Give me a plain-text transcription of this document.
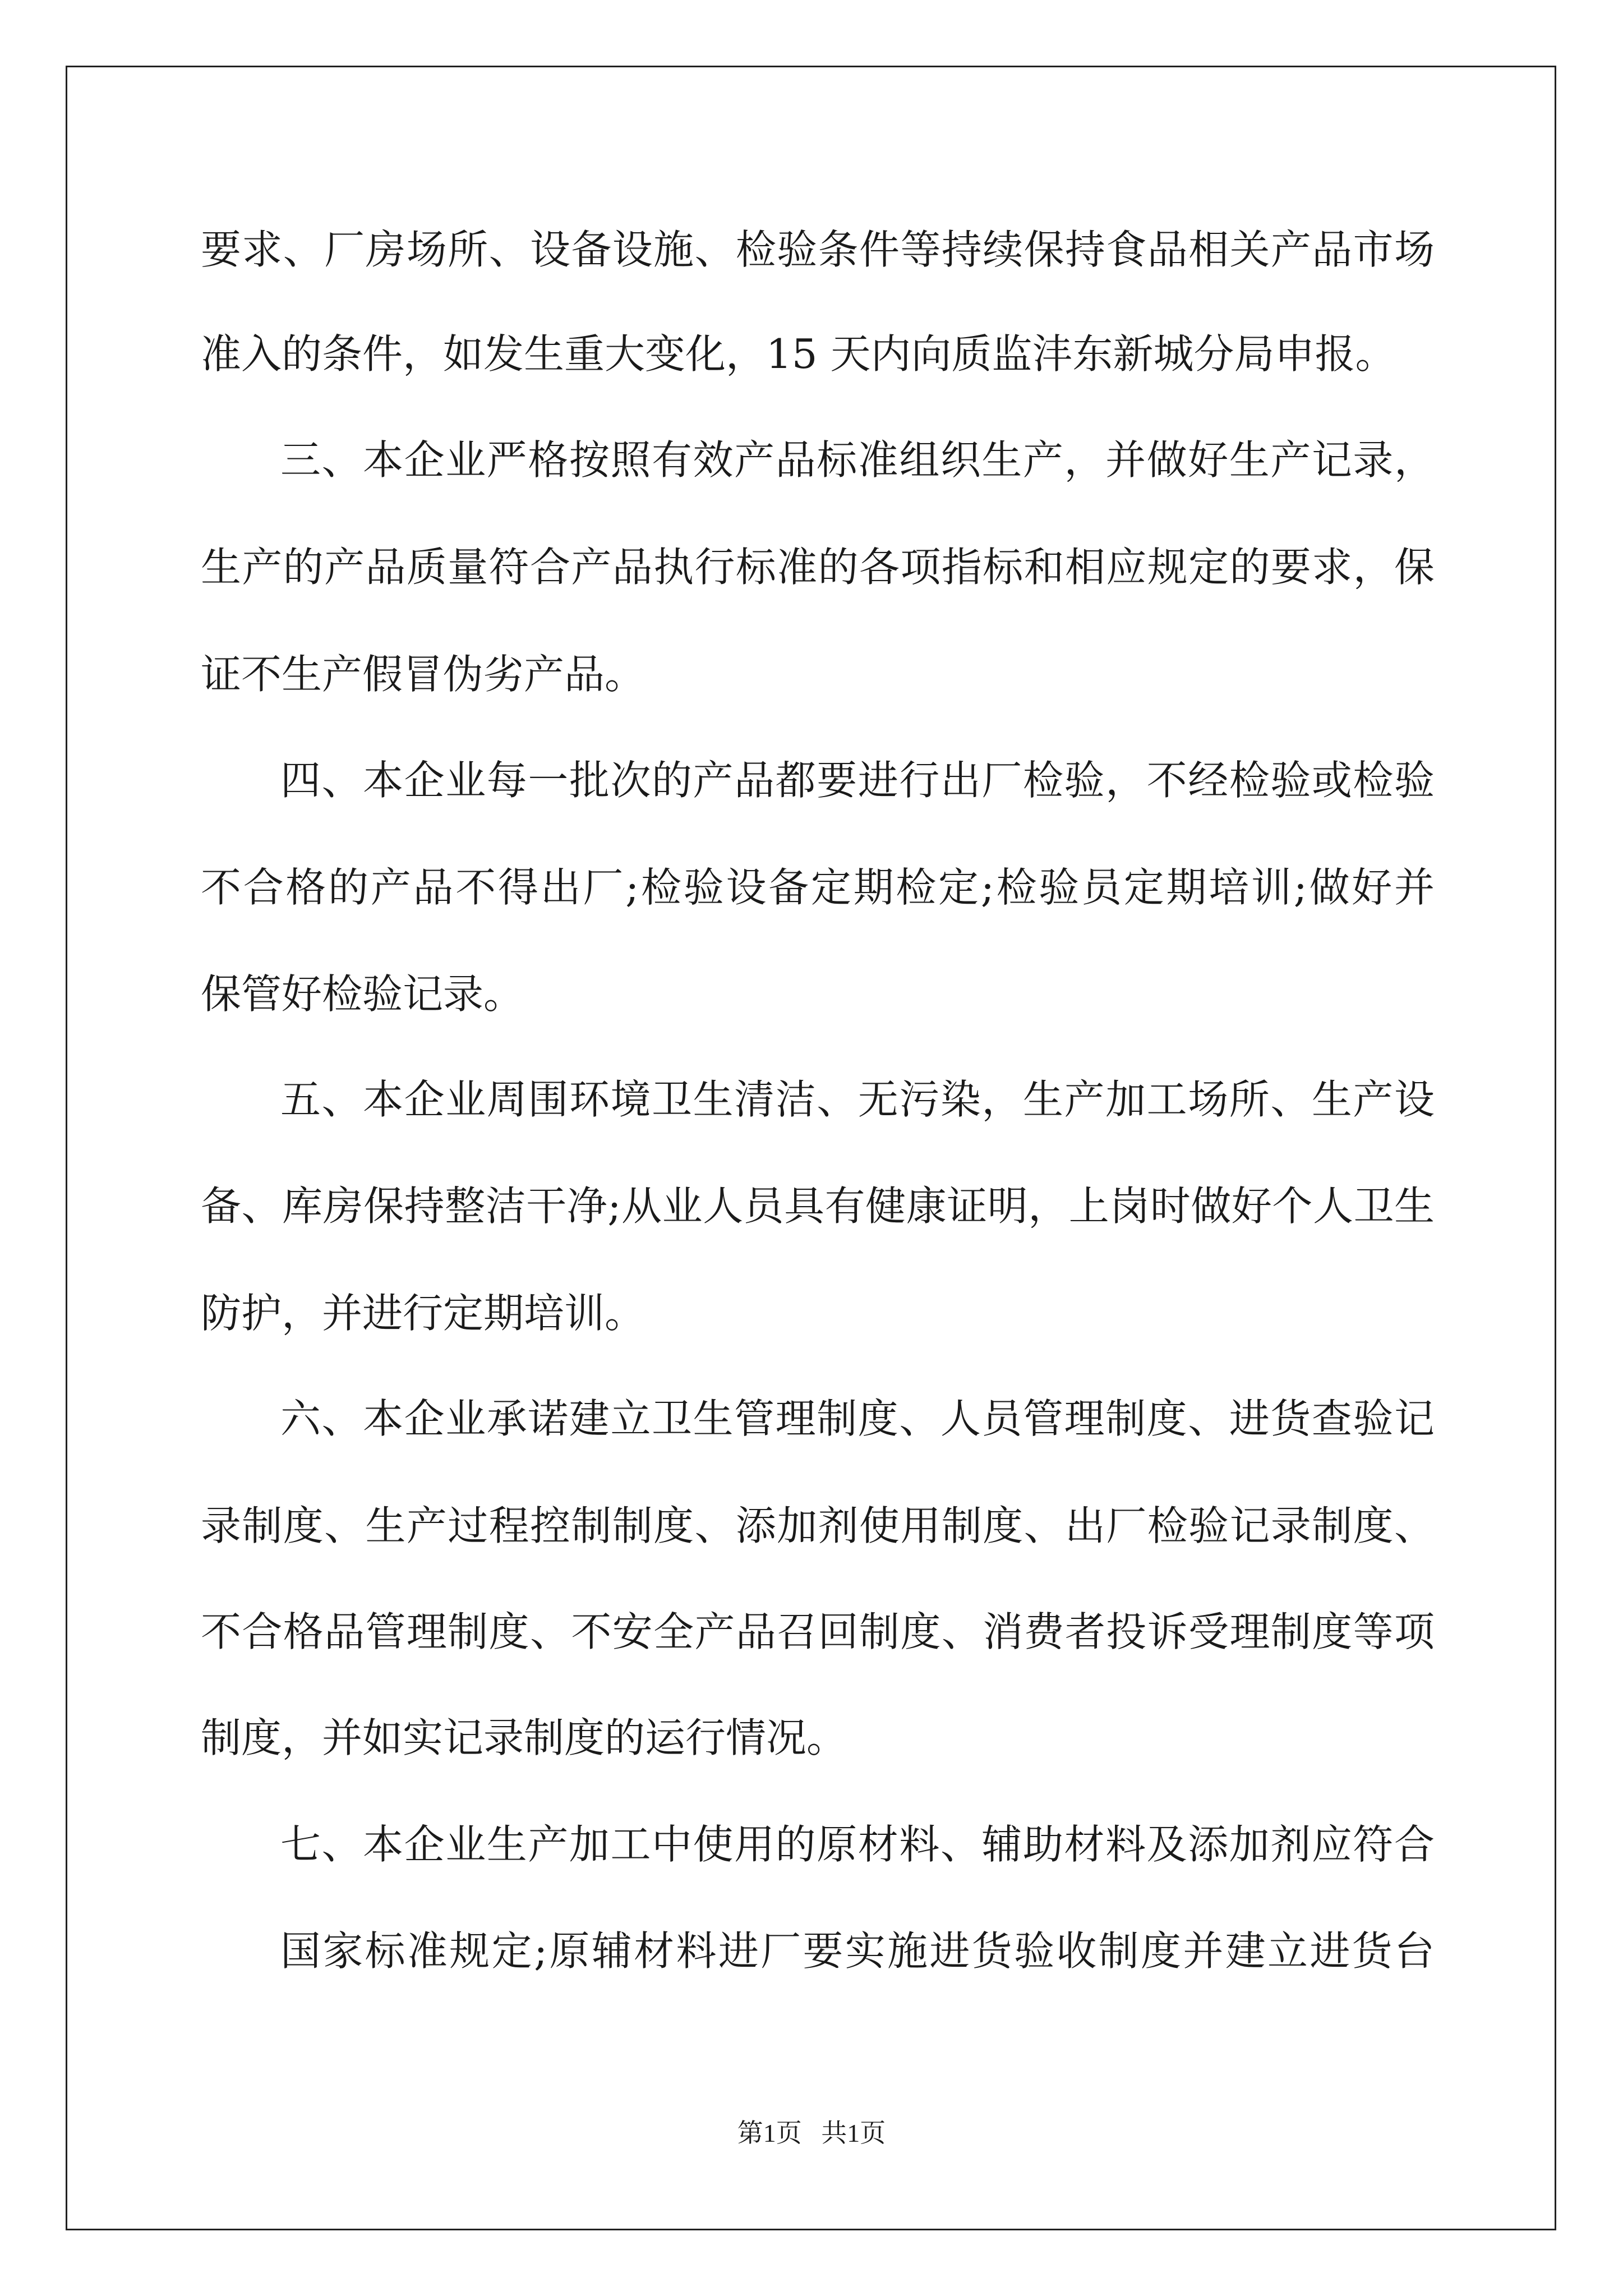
要求、厂房场所、设备设施、检验条件等持续保持食品相关产品市场
准入的条件，如发生重大变化，15 天内向质监沣东新城分局申报。
三、本企业严格按照有效产品标准组织生产，并做好生产记录，
生产的产品质量符合产品执行标准的各项指标和相应规定的要求，保
证不生产假冒伪劣产品。
四、本企业每一批次的产品都要进行出厂检验，不经检验或检验
不合格的产品不得出厂;检验设备定期检定;检验员定期培训;做好并
保管好检验记录。
五、本企业周围环境卫生清洁、无污染，生产加工场所、生产设
备、库房保持整洁干净;从业人员具有健康证明，上岗时做好个人卫生
防护，并进行定期培训。
六、本企业承诺建立卫生管理制度、人员管理制度、进货查验记
录制度、生产过程控制制度、添加剂使用制度、出厂检验记录制度、
不合格品管理制度、不安全产品召回制度、消费者投诉受理制度等项
制度，并如实记录制度的运行情况。
七、本企业生产加工中使用的原材料、辅助材料及添加剂应符合
国家标准规定;原辅材料进厂要实施进货验收制度并建立进货台
第1页 共1页
